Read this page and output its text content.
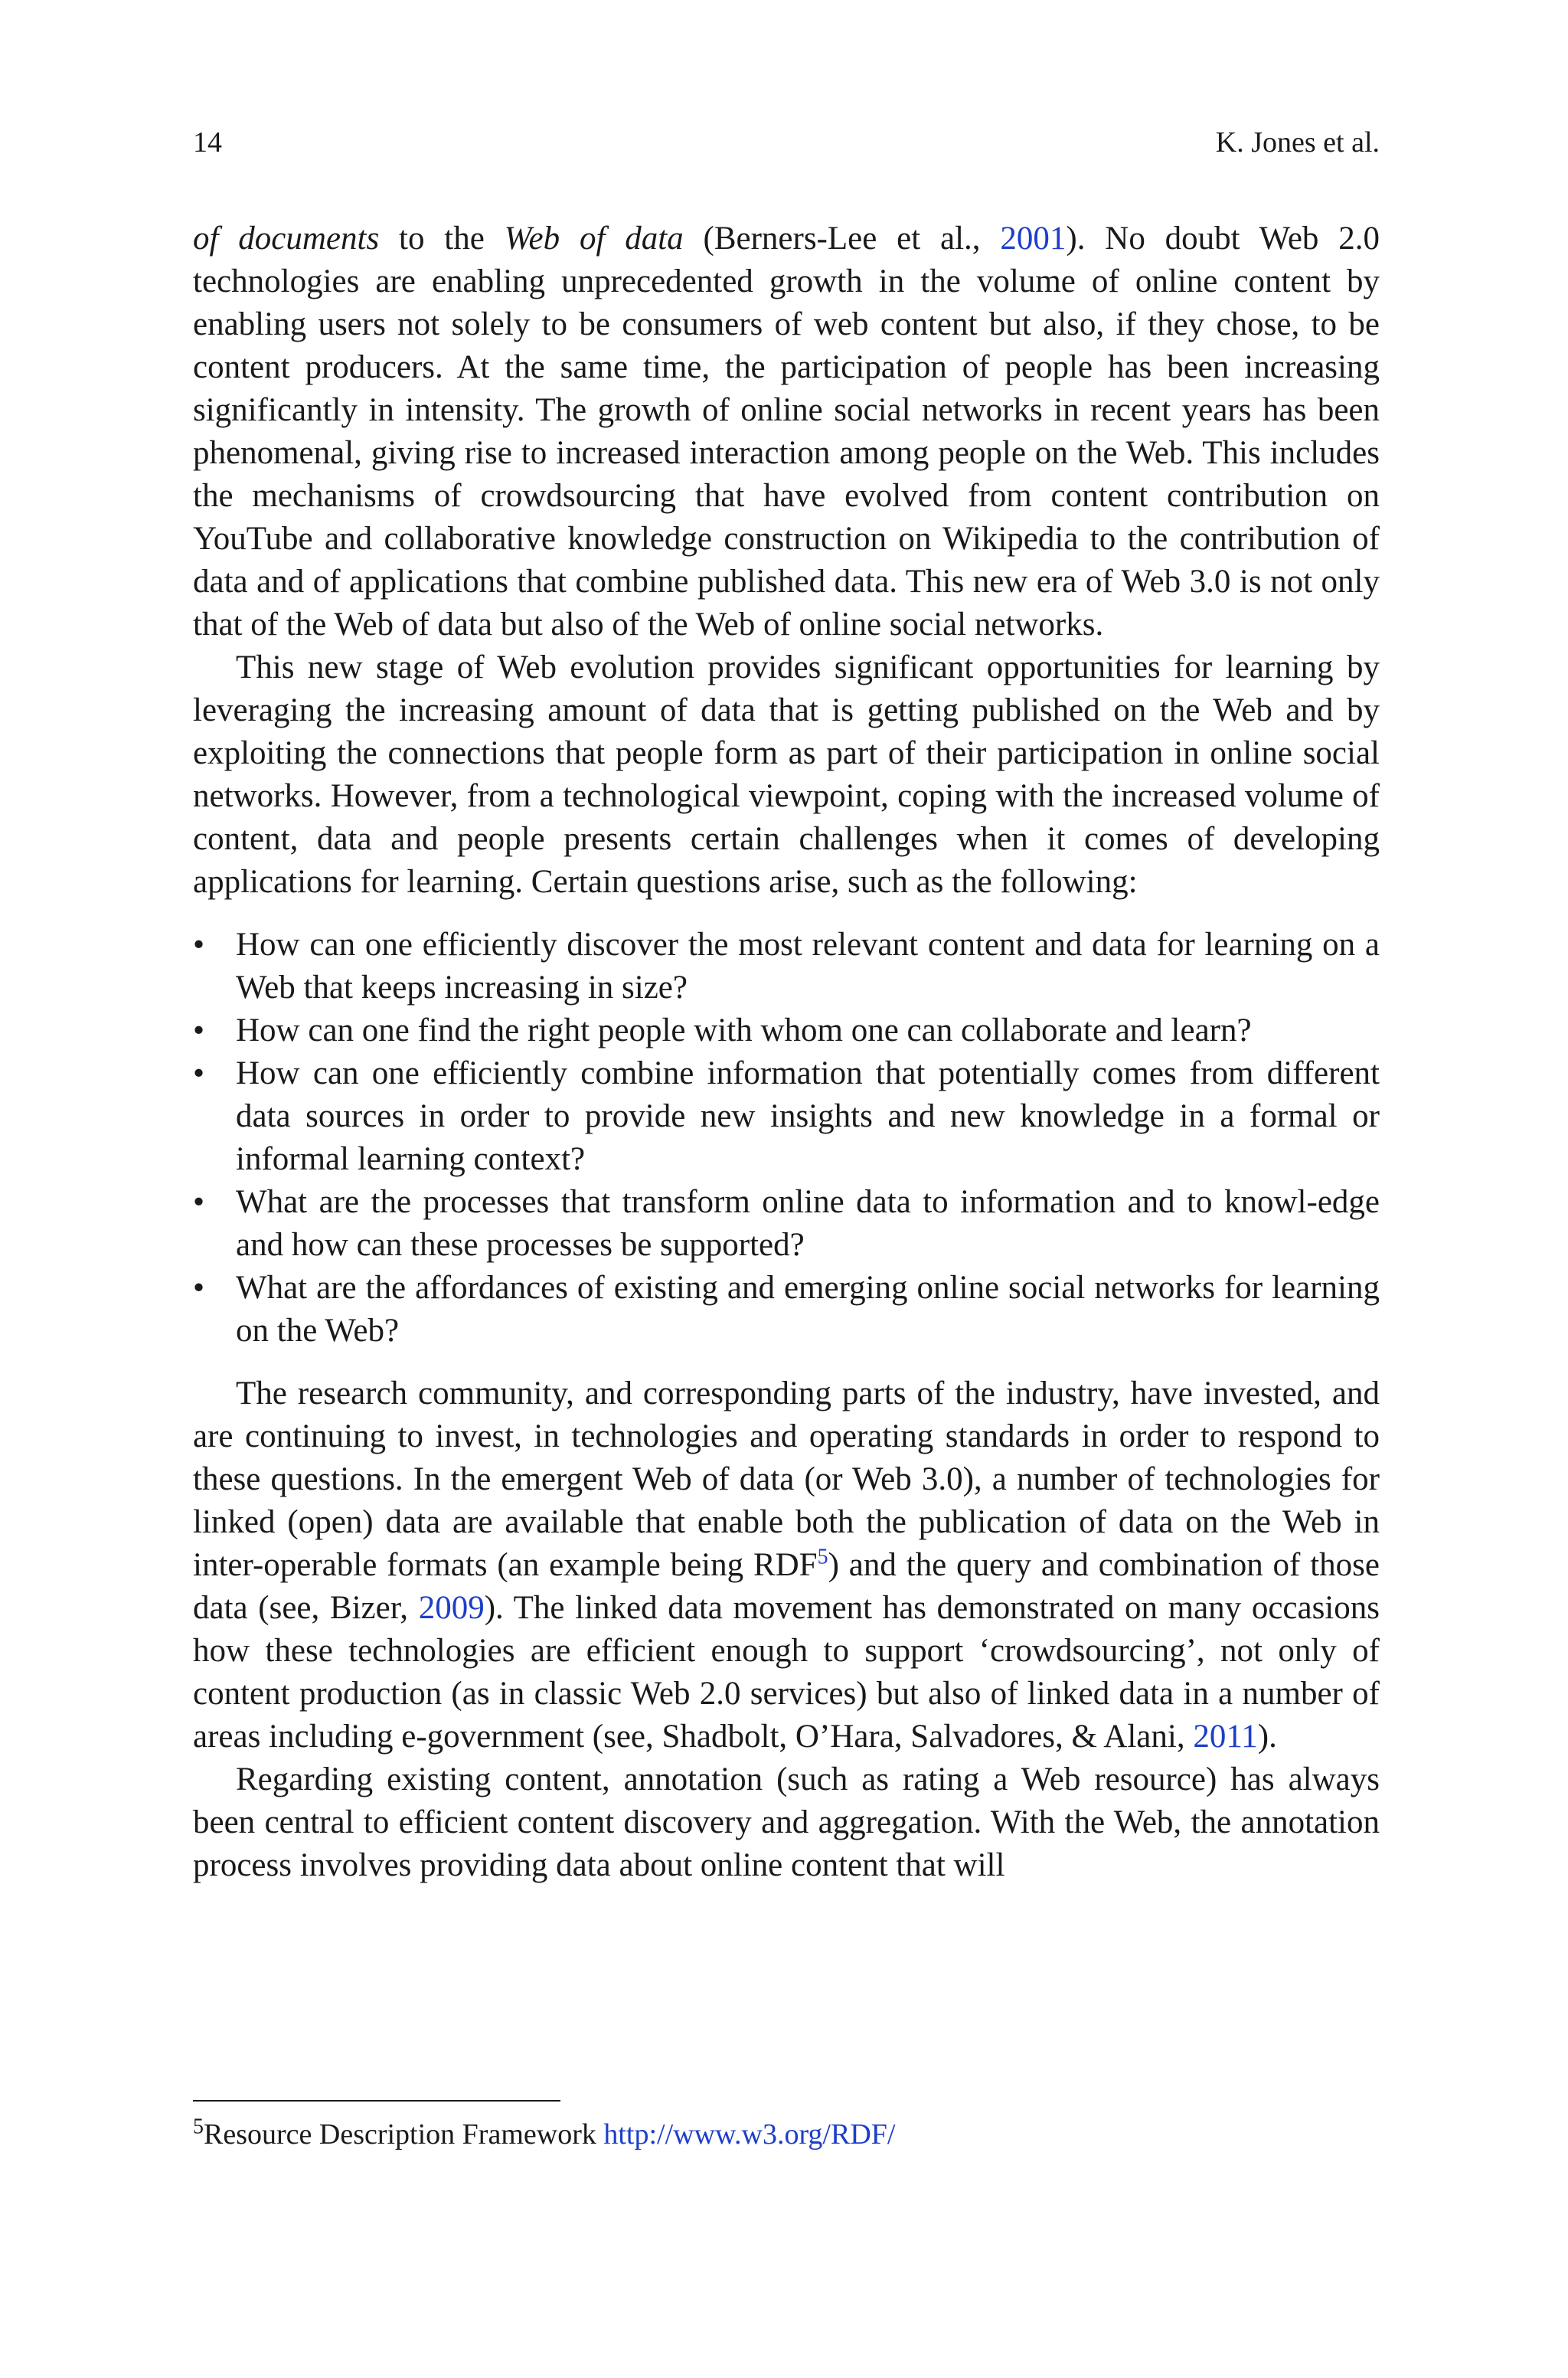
14	K. Jones et al.

of documents to the Web of data (Berners-Lee et al., 2001). No doubt Web 2.0 technologies are enabling unprecedented growth in the volume of online content by enabling users not solely to be consumers of web content but also, if they chose, to be content producers. At the same time, the participation of people has been increasing significantly in intensity. The growth of online social networks in recent years has been phenomenal, giving rise to increased interaction among people on the Web. This includes the mechanisms of crowdsourcing that have evolved from content contribution on YouTube and collaborative knowledge construction on Wikipedia to the contribution of data and of applications that combine published data. This new era of Web 3.0 is not only that of the Web of data but also of the Web of online social networks.

This new stage of Web evolution provides significant opportunities for learning by leveraging the increasing amount of data that is getting published on the Web and by exploiting the connections that people form as part of their participation in online social networks. However, from a technological viewpoint, coping with the increased volume of content, data and people presents certain challenges when it comes of developing applications for learning. Certain questions arise, such as the following:

• How can one efficiently discover the most relevant content and data for learning on a Web that keeps increasing in size?
• How can one find the right people with whom one can collaborate and learn?
• How can one efficiently combine information that potentially comes from different data sources in order to provide new insights and new knowledge in a formal or informal learning context?
• What are the processes that transform online data to information and to knowl-edge and how can these processes be supported?
• What are the affordances of existing and emerging online social networks for learning on the Web?

The research community, and corresponding parts of the industry, have invested, and are continuing to invest, in technologies and operating standards in order to respond to these questions. In the emergent Web of data (or Web 3.0), a number of technologies for linked (open) data are available that enable both the publication of data on the Web in inter-operable formats (an example being RDF$^5$) and the query and combination of those data (see, Bizer, 2009). The linked data movement has demonstrated on many occasions how these technologies are efficient enough to support ‘crowdsourcing’, not only of content production (as in classic Web 2.0 services) but also of linked data in a number of areas including e-government (see, Shadbolt, O’Hara, Salvadores, & Alani, 2011).

Regarding existing content, annotation (such as rating a Web resource) has always been central to efficient content discovery and aggregation. With the Web, the annotation process involves providing data about online content that will

$^5$Resource Description Framework http://www.w3.org/RDF/
